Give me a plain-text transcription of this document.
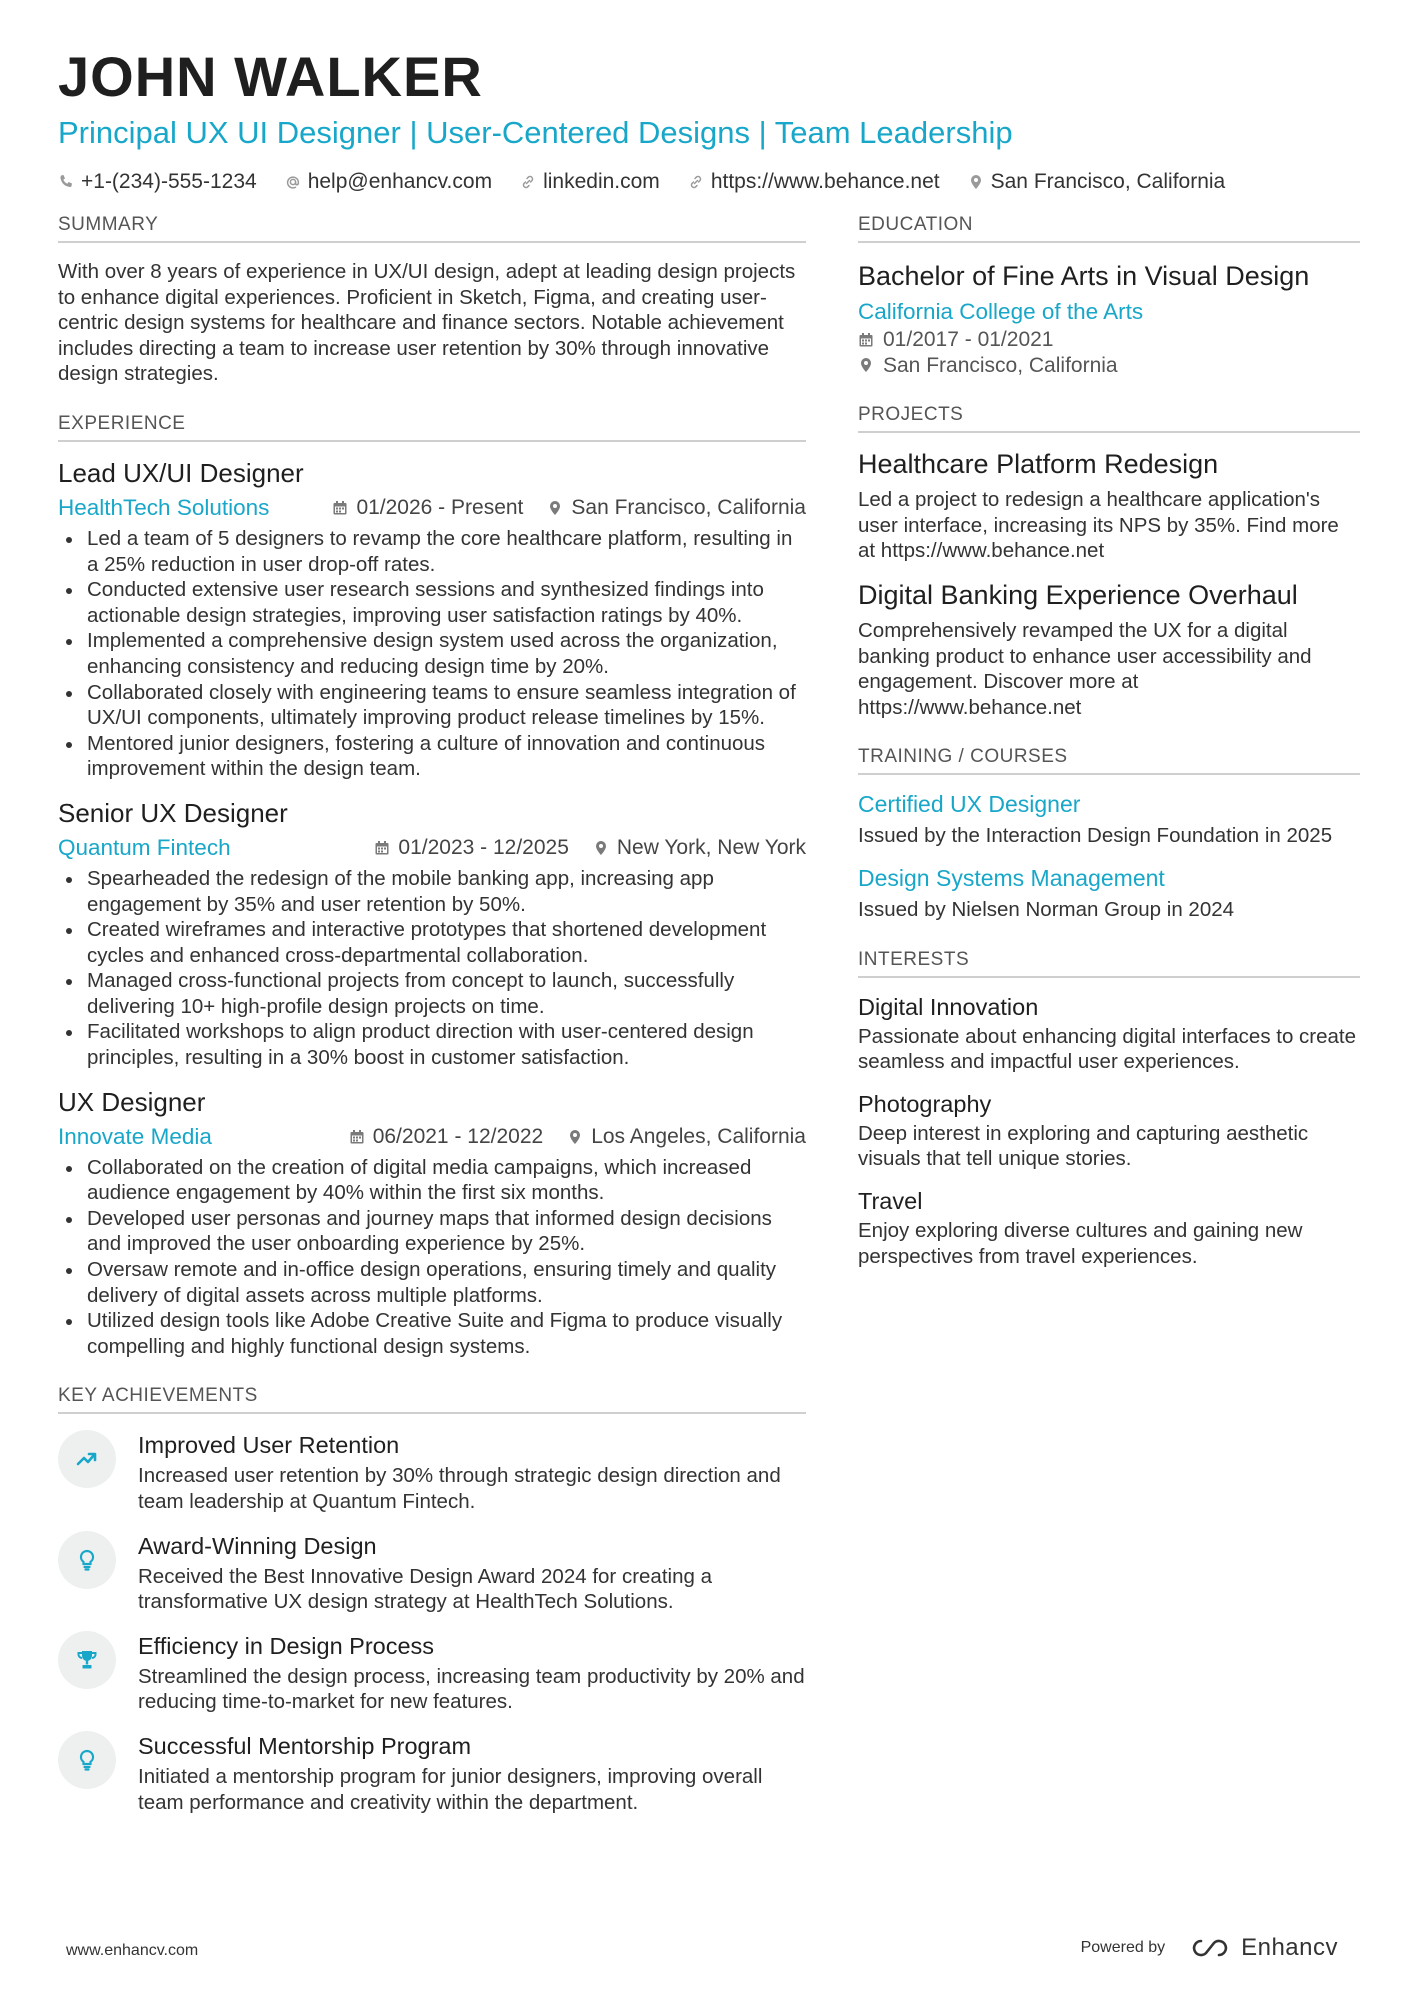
JOHN WALKER
Principal UX UI Designer | User-Centered Designs | Team Leadership
+1-(234)-555-1234 help@enhancv.com linkedin.com https://www.behance.net San Francisco, California
SUMMARY
With over 8 years of experience in UX/UI design, adept at leading design projects to enhance digital experiences. Proficient in Sketch, Figma, and creating user-centric design systems for healthcare and finance sectors. Notable achievement includes directing a team to increase user retention by 30% through innovative design strategies.
EXPERIENCE
Lead UX/UI Designer
HealthTech Solutions	01/2026 - Present San Francisco, California
Led a team of 5 designers to revamp the core healthcare platform, resulting in a 25% reduction in user drop-off rates.
Conducted extensive user research sessions and synthesized findings into actionable design strategies, improving user satisfaction ratings by 40%.
Implemented a comprehensive design system used across the organization, enhancing consistency and reducing design time by 20%.
Collaborated closely with engineering teams to ensure seamless integration of UX/UI components, ultimately improving product release timelines by 15%.
Mentored junior designers, fostering a culture of innovation and continuous improvement within the design team.
Senior UX Designer
Quantum Fintech	01/2023 - 12/2025 New York, New York
Spearheaded the redesign of the mobile banking app, increasing app engagement by 35% and user retention by 50%.
Created wireframes and interactive prototypes that shortened development cycles and enhanced cross-departmental collaboration.
Managed cross-functional projects from concept to launch, successfully delivering 10+ high-profile design projects on time.
Facilitated workshops to align product direction with user-centered design principles, resulting in a 30% boost in customer satisfaction.
UX Designer
Innovate Media	06/2021 - 12/2022 Los Angeles, California
Collaborated on the creation of digital media campaigns, which increased audience engagement by 40% within the first six months.
Developed user personas and journey maps that informed design decisions and improved the user onboarding experience by 25%.
Oversaw remote and in-office design operations, ensuring timely and quality delivery of digital assets across multiple platforms.
Utilized design tools like Adobe Creative Suite and Figma to produce visually compelling and highly functional design systems.
KEY ACHIEVEMENTS
Improved User Retention
Increased user retention by 30% through strategic design direction and team leadership at Quantum Fintech.
Award-Winning Design
Received the Best Innovative Design Award 2024 for creating a transformative UX design strategy at HealthTech Solutions.
Efficiency in Design Process
Streamlined the design process, increasing team productivity by 20% and reducing time-to-market for new features.
Successful Mentorship Program
Initiated a mentorship program for junior designers, improving overall team performance and creativity within the department.
EDUCATION
Bachelor of Fine Arts in Visual Design
California College of the Arts
01/2017 - 01/2021
San Francisco, California
PROJECTS
Healthcare Platform Redesign
Led a project to redesign a healthcare application's user interface, increasing its NPS by 35%. Find more at https://www.behance.net
Digital Banking Experience Overhaul
Comprehensively revamped the UX for a digital banking product to enhance user accessibility and engagement. Discover more at https://www.behance.net
TRAINING / COURSES
Certified UX Designer
Issued by the Interaction Design Foundation in 2025
Design Systems Management
Issued by Nielsen Norman Group in 2024
INTERESTS
Digital Innovation
Passionate about enhancing digital interfaces to create seamless and impactful user experiences.
Photography
Deep interest in exploring and capturing aesthetic visuals that tell unique stories.
Travel
Enjoy exploring diverse cultures and gaining new perspectives from travel experiences.
www.enhancv.com	Powered by	Enhancv
